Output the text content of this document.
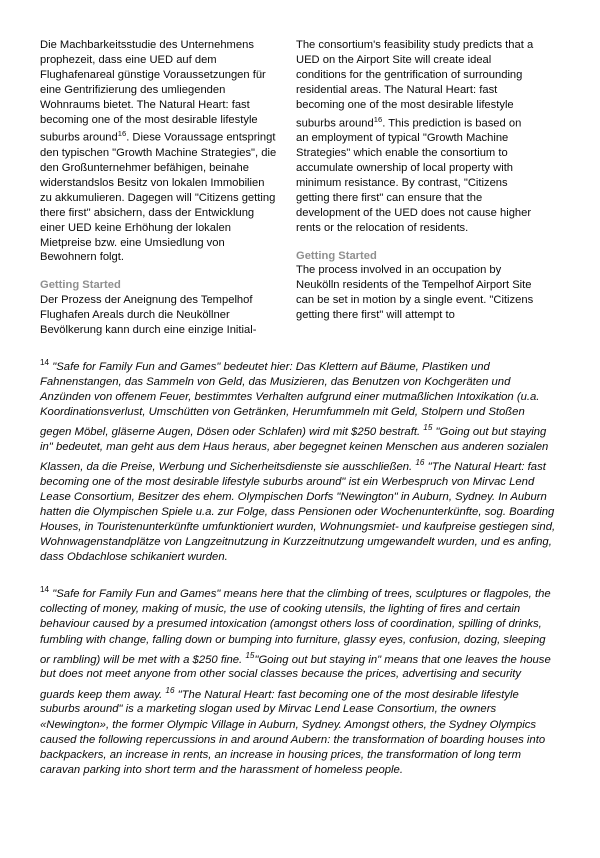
Die Machbarkeitsstudie des Unternehmens prophezeit, dass eine UED auf dem Flughafenareal günstige Voraussetzungen für eine Gentrifizierung des umliegenden Wohnraums bietet. The Natural Heart: fast becoming one of the most desirable lifestyle suburbs around$^{16}$. Diese Voraussage entspringt den typischen "Growth Machine Strategies", die den Großunternehmer befähigen, beinahe widerstandslos Besitz von lokalen Immobilien zu akkumulieren. Dagegen will "Citizens getting there first" absichern, dass der Entwicklung einer UED keine Erhöhung der lokalen Mietpreise bzw. eine Umsiedlung von Bewohnern folgt.

Getting Started

Der Prozess der Aneignung des Tempelhof Flughafen Areals durch die Neuköllner Bevölkerung kann durch eine einzige Initial-

The consortium's feasibility study predicts that a UED on the Airport Site will create ideal conditions for the gentrification of surrounding residential areas. The Natural Heart: fast becoming one of the most desirable lifestyle suburbs around$^{16}$. This prediction is based on an employment of typical "Growth Machine Strategies" which enable the consortium to accumulate ownership of local property with minimum resistance. By contrast, "Citizens getting there first" can ensure that the development of the UED does not cause higher rents or the relocation of residents.

Getting Started

The process involved in an occupation by Neukölln residents of the Tempelhof Airport Site can be set in motion by a single event. "Citizens getting there first" will attempt to

$^{14}$ "Safe for Family Fun and Games" bedeutet hier: Das Klettern auf Bäume, Plastiken und Fahnenstangen, das Sammeln von Geld, das Musizieren, das Benutzen von Kochgeräten und Anzünden von offenem Feuer, bestimmtes Verhalten aufgrund einer mutmaßlichen Intoxikation (u.a. Koordinationsverlust, Umschütten von Getränken, Herumfummeln mit Geld, Stolpern und Stoßen gegen Möbel, gläserne Augen, Dösen oder Schlafen) wird mit $250 bestraft. $^{15}$ "Going out but staying in" bedeutet, man geht aus dem Haus heraus, aber begegnet keinen Menschen aus anderen sozialen Klassen, da die Preise, Werbung und Sicherheitsdienste sie ausschließen. $^{16}$ "The Natural Heart: fast becoming one of the most desirable lifestyle suburbs around" ist ein Werbespruch von Mirvac Lend Lease Consortium, Besitzer des ehem. Olympischen Dorfs "Newington" in Auburn, Sydney. In Auburn hatten die Olympischen Spiele u.a. zur Folge, dass Pensionen oder Wochenunterkünfte, sog. Boarding Houses, in Touristenunterkünfte umfunktioniert wurden, Wohnungsmiet- und kaufpreise gestiegen sind, Wohnwagenstandplätze von Langzeitnutzung in Kurzzeitnutzung umgewandelt wurden, und es anfing, dass Obdachlose schikaniert wurden.

$^{14}$ "Safe for Family Fun and Games" means here that the climbing of trees, sculptures or flagpoles, the collecting of money, making of music, the use of cooking utensils, the lighting of fires and certain behaviour caused by a presumed intoxication (amongst others loss of coordination, spilling of drinks, fumbling with change, falling down or bumping into furniture, glassy eyes, confusion, dozing, sleeping or rambling) will be met with a $250 fine. $^{15}$"Going out but staying in" means that one leaves the house but does not meet anyone from other social classes because the prices, advertising and security guards keep them away. $^{16}$ "The Natural Heart: fast becoming one of the most desirable lifestyle suburbs around" is a marketing slogan used by Mirvac Lend Lease Consortium, the owners «Newington», the former Olympic Village in Auburn, Sydney. Amongst others, the Sydney Olympics caused the following repercussions in and around Aubern: the transformation of boarding houses into backpackers, an increase in rents, an increase in housing prices, the transformation of long term caravan parking into short term and the harassment of homeless people.
